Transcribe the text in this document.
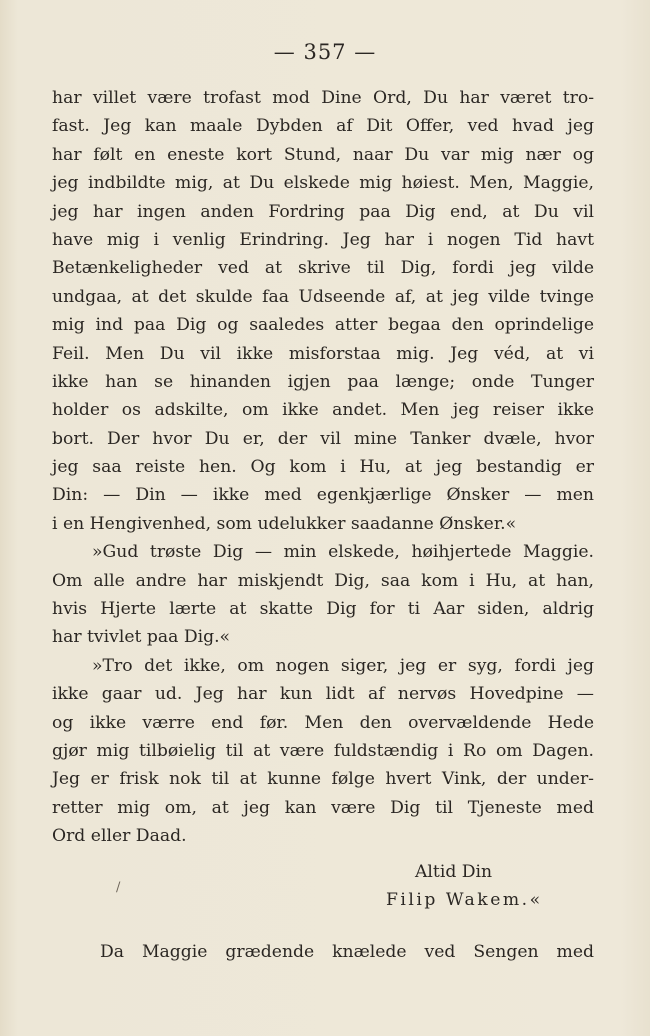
— 357 —
har villet være trofast mod Dine Ord, Du har været tro-
fast. Jeg kan maale Dybden af Dit Offer, ved hvad jeg
har følt en eneste kort Stund, naar Du var mig nær og
jeg indbildte mig, at Du elskede mig høiest. Men, Maggie,
jeg har ingen anden Fordring paa Dig end, at Du vil
have mig i venlig Erindring. Jeg har i nogen Tid havt
Betænkeligheder ved at skrive til Dig, fordi jeg vilde
undgaa, at det skulde faa Udseende af, at jeg vilde tvinge
mig ind paa Dig og saaledes atter begaa den oprindelige
Feil. Men Du vil ikke misforstaa mig. Jeg véd, at vi
ikke han se hinanden igjen paa længe; onde Tunger
holder os adskilte, om ikke andet. Men jeg reiser ikke
bort. Der hvor Du er, der vil mine Tanker dvæle, hvor
jeg saa reiste hen. Og kom i Hu, at jeg bestandig er
Din: — Din — ikke med egenkjærlige Ønsker — men
i en Hengivenhed, som udelukker saadanne Ønsker.«
»Gud trøste Dig — min elskede, høihjertede Maggie.
Om alle andre har miskjendt Dig, saa kom i Hu, at han,
hvis Hjerte lærte at skatte Dig for ti Aar siden, aldrig
har tvivlet paa Dig.«
»Tro det ikke, om nogen siger, jeg er syg, fordi jeg
ikke gaar ud. Jeg har kun lidt af nervøs Hovedpine —
og ikke værre end før. Men den overvældende Hede
gjør mig tilbøielig til at være fuldstændig i Ro om Dagen.
Jeg er frisk nok til at kunne følge hvert Vink, der under-
retter mig om, at jeg kan være Dig til Tjeneste med
Ord eller Daad.
/
Altid Din
Filip Wakem.«
Da Maggie grædende knælede ved Sengen med
